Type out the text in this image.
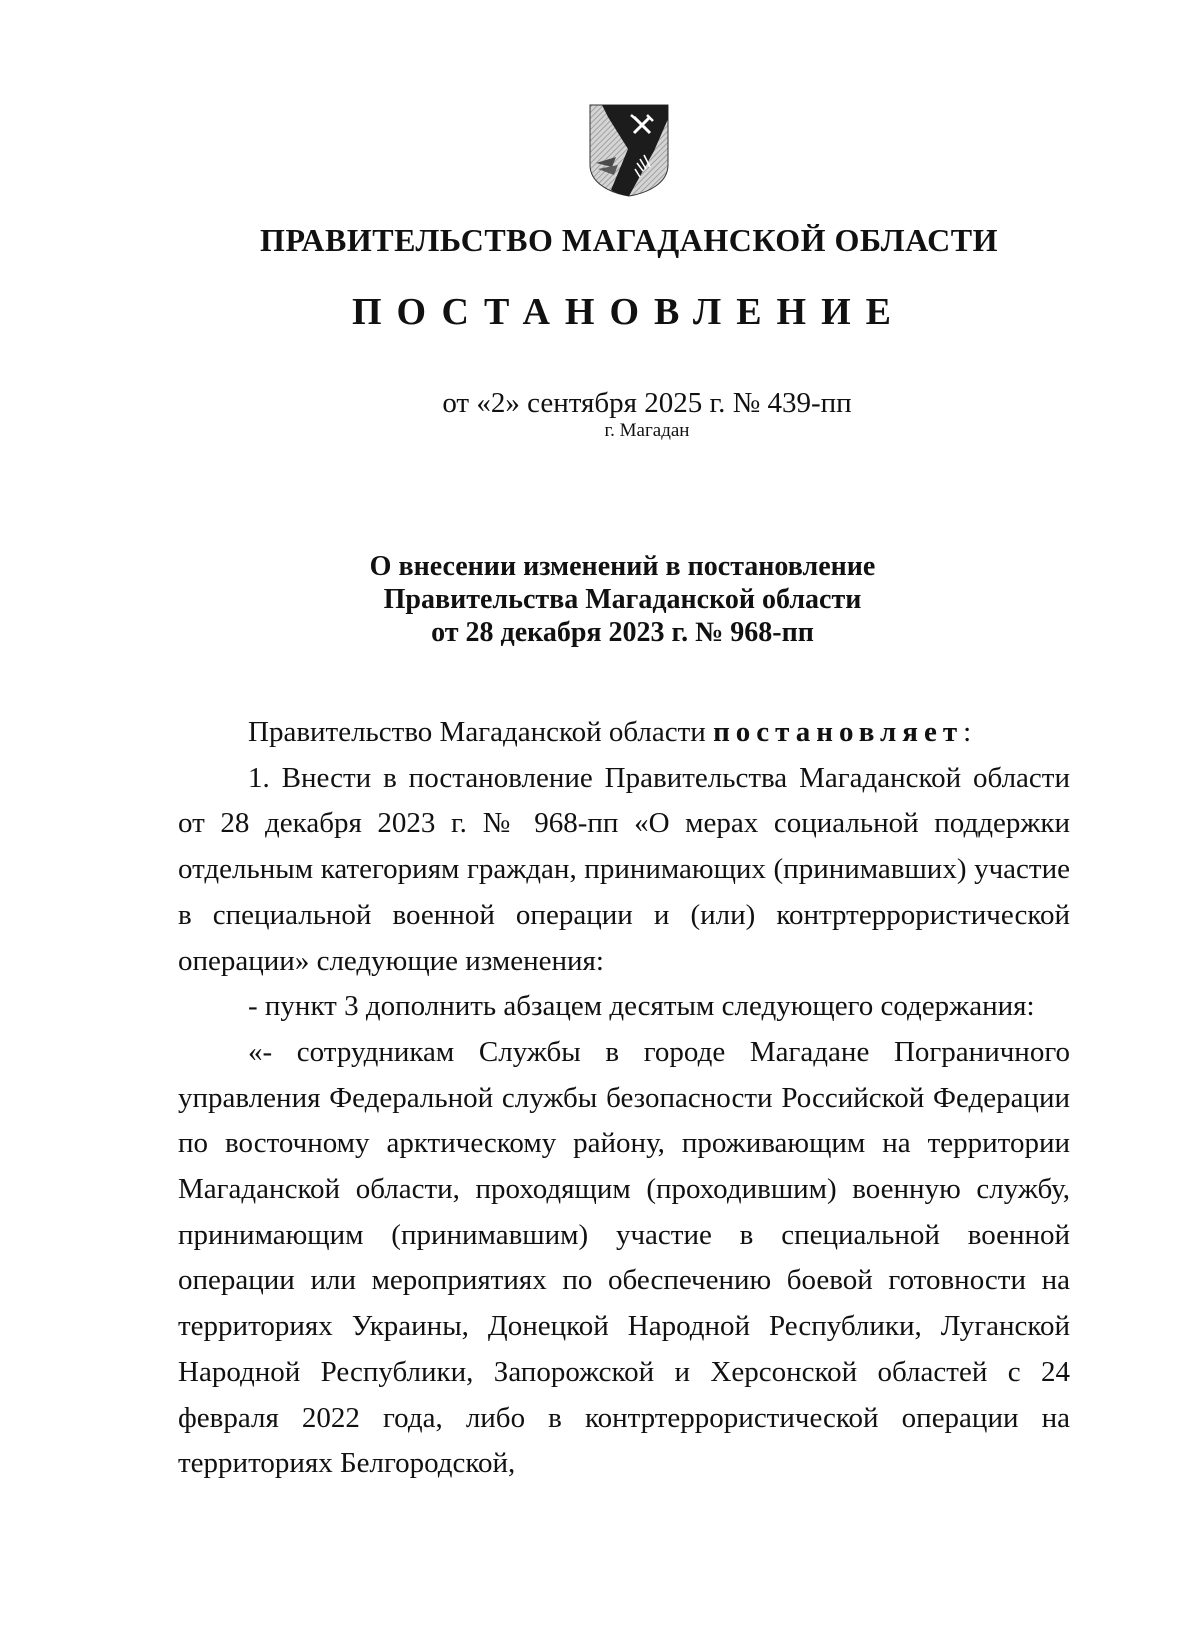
ПРАВИТЕЛЬСТВО МАГАДАНСКОЙ ОБЛАСТИ
ПОСТАНОВЛЕНИЕ
от «2» сентября 2025 г. № 439-пп
г. Магадан
О внесении изменений в постановление
Правительства Магаданской области
от 28 декабря 2023 г. № 968-пп

Правительство Магаданской области постановляет:

1. Внести в постановление Правительства Магаданской области от 28 декабря 2023 г. № 968-пп «О мерах социальной поддержки отдельным категориям граждан, принимающих (принимавших) участие в специальной военной операции и (или) контртеррористической операции» следующие изменения:

- пункт 3 дополнить абзацем десятым следующего содержания:

«- сотрудникам Службы в городе Магадане Пограничного управления Федеральной службы безопасности Российской Федерации по восточному арктическому району, проживающим на территории Магаданской области, проходящим (проходившим) военную службу, принимающим (принимавшим) участие в специальной военной операции или мероприятиях по обеспечению боевой готовности на территориях Украины, Донецкой Народной Республики, Луганской Народной Республики, Запорожской и Херсонской областей с 24 февраля 2022 года, либо в контртеррористической операции на территориях Белгородской,
